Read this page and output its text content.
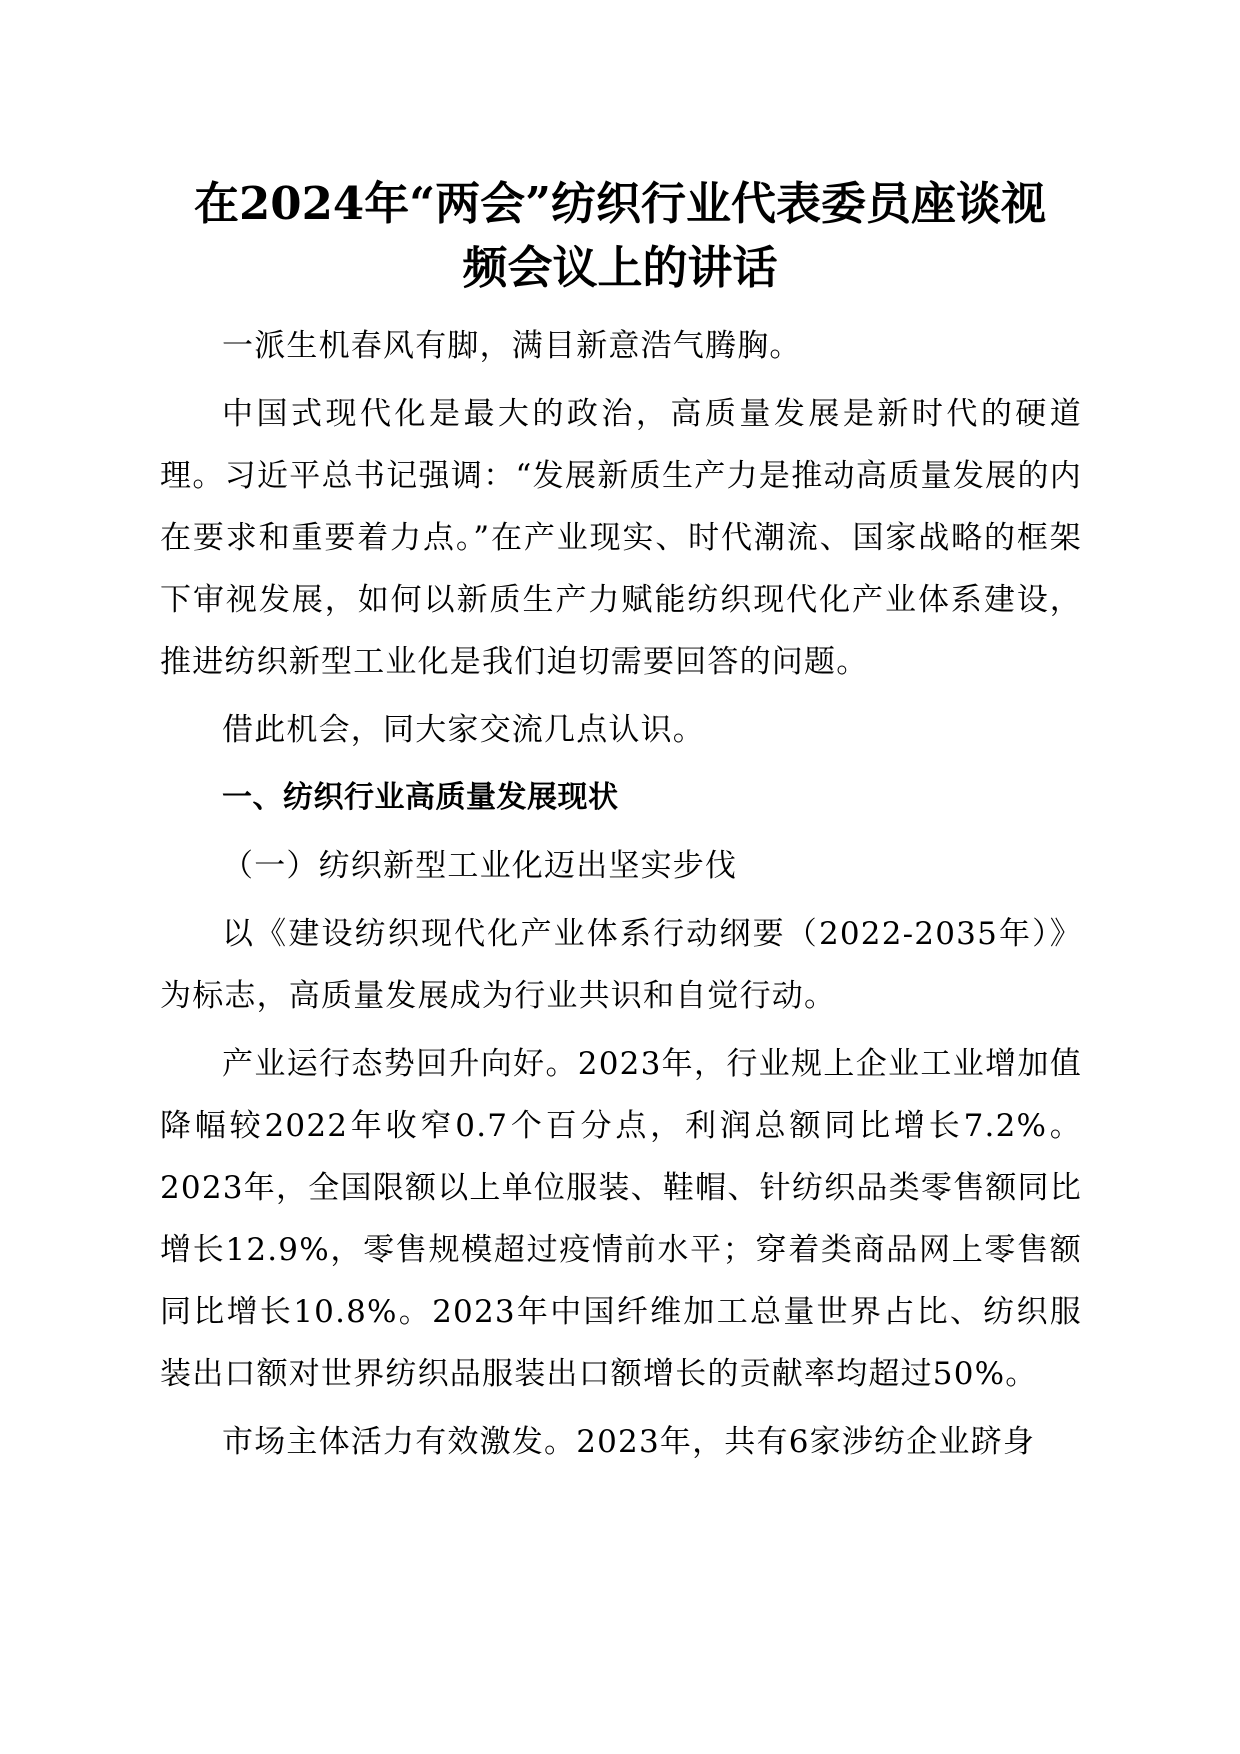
在2024年“两会”纺织行业代表委员座谈视
频会议上的讲话

一派生机春风有脚，满目新意浩气腾胸。

中国式现代化是最大的政治，高质量发展是新时代的硬道理。习近平总书记强调：“发展新质生产力是推动高质量发展的内在要求和重要着力点。”在产业现实、时代潮流、国家战略的框架下审视发展，如何以新质生产力赋能纺织现代化产业体系建设，推进纺织新型工业化是我们迫切需要回答的问题。

借此机会，同大家交流几点认识。

一、纺织行业高质量发展现状

（一）纺织新型工业化迈出坚实步伐

以《建设纺织现代化产业体系行动纲要（2022-2035年）》为标志，高质量发展成为行业共识和自觉行动。

产业运行态势回升向好。2023年，行业规上企业工业增加值降幅较2022年收窄0.7个百分点，利润总额同比增长7.2%。2023年，全国限额以上单位服装、鞋帽、针纺织品类零售额同比增长12.9%，零售规模超过疫情前水平；穿着类商品网上零售额同比增长10.8%。2023年中国纤维加工总量世界占比、纺织服装出口额对世界纺织品服装出口额增长的贡献率均超过50%。

市场主体活力有效激发。2023年，共有6家涉纺企业跻身
